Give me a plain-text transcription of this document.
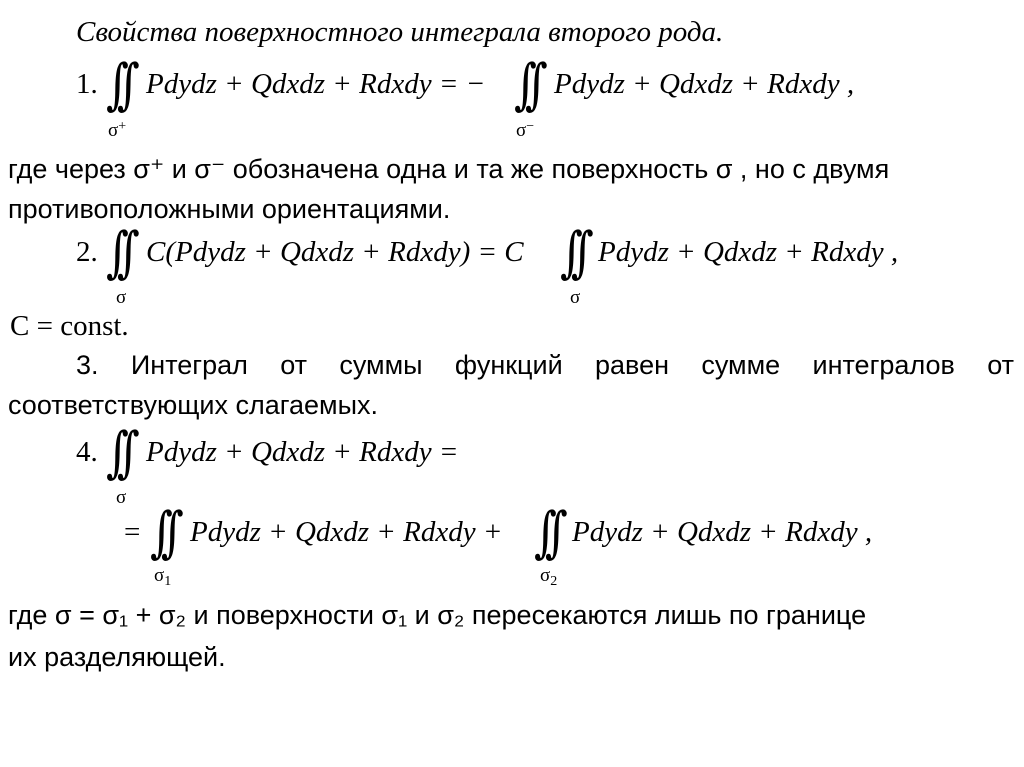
Свойства поверхностного интеграла второго рода.
1. ∫∫
σ+
Pdydz + Qdxdz + Rdxdy = − ∫∫
σ−
Pdydz + Qdxdz + Rdxdy ,
где через σ⁺ и σ⁻ обозначена одна и та же поверхность σ , но с двумя
противоположными ориентациями.
2. ∫∫
σ
C(Pdydz + Qdxdz + Rdxdy) = C ∫∫
σ
Pdydz + Qdxdz + Rdxdy ,
C = const.
3. Интеграл от суммы функций равен сумме интегралов от
соответствующих слагаемых.
4. ∫∫
σ
Pdydz + Qdxdz + Rdxdy =
= ∫∫
$\sigma_1$
Pdydz + Qdxdz + Rdxdy + ∫∫
$\sigma_2$
Pdydz + Qdxdz + Rdxdy ,
где σ = σ₁ + σ₂ и поверхности σ₁ и σ₂ пересекаются лишь по границе
их разделяющей.
